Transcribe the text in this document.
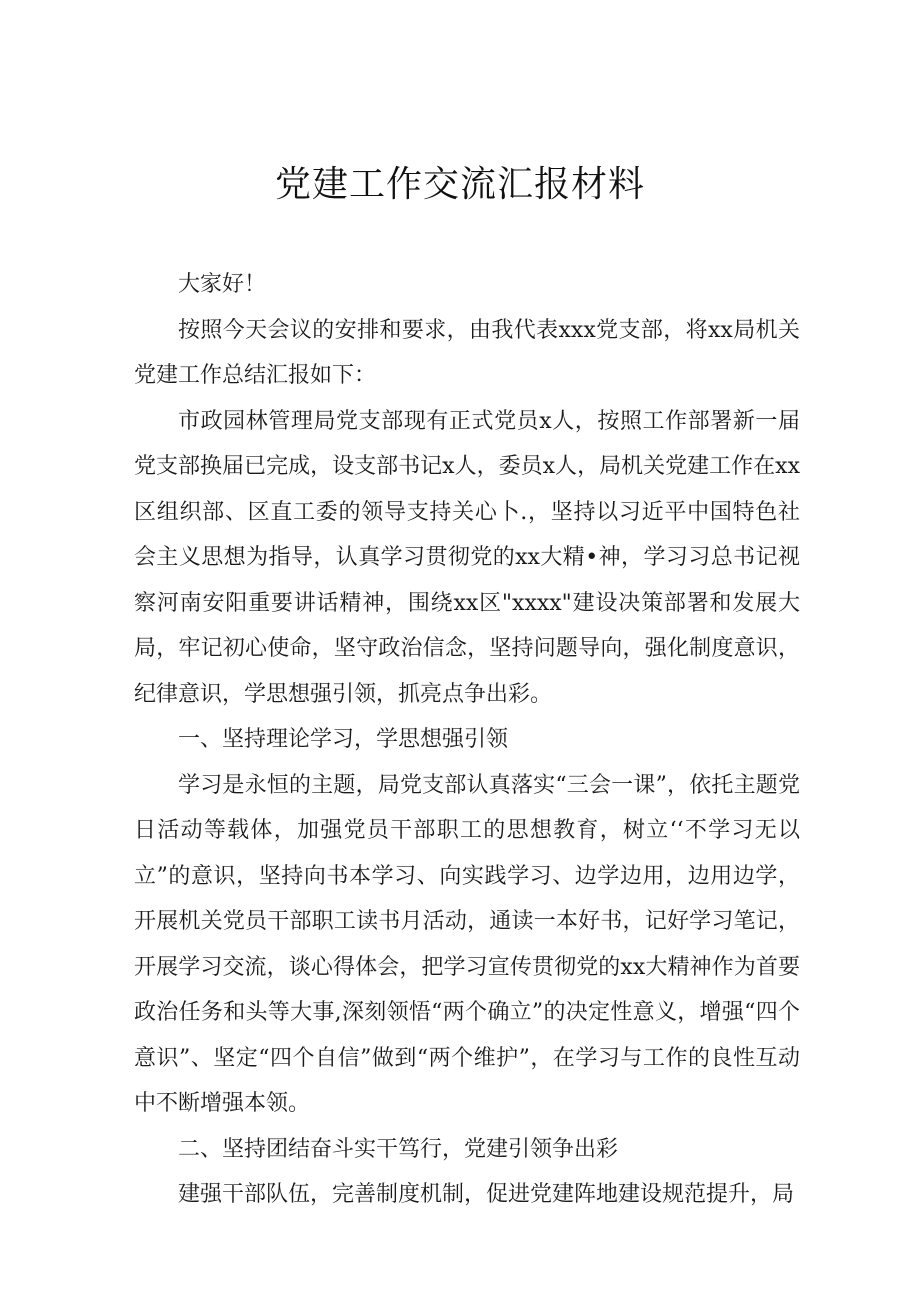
党建工作交流汇报材料

大家好！

按照今天会议的安排和要求，由我代表xxx党支部，将xx局机关党建工作总结汇报如下：

市政园林管理局党支部现有正式党员x人，按照工作部署新一届党支部换届已完成，设支部书记x人，委员x人，局机关党建工作在xx区组织部、区直工委的领导支持关心卜.，坚持以习近平中国特色社会主义思想为指导，认真学习贯彻党的xx大精•神，学习习总书记视察河南安阳重要讲话精神，围绕xx区"xxxx"建设决策部署和发展大局，牢记初心使命，坚守政治信念，坚持问题导向，强化制度意识，纪律意识，学思想强引领，抓亮点争出彩。

一、坚持理论学习，学思想强引领

学习是永恒的主题，局党支部认真落实“三会一课”，依托主题党日活动等载体，加强党员干部职工的思想教育，树立‘‘不学习无以立”的意识，坚持向书本学习、向实践学习、边学边用，边用边学，开展机关党员干部职工读书月活动，通读一本好书，记好学习笔记，开展学习交流，谈心得体会，把学习宣传贯彻党的xx大精神作为首要政治任务和头等大事,深刻领悟“两个确立”的决定性意义，增强“四个意识”、坚定“四个自信”做到“两个维护”，在学习与工作的良性互动中不断增强本领。

二、坚持团结奋斗实干笃行，党建引领争出彩

建强干部队伍，完善制度机制，促进党建阵地建设规范提升，局
